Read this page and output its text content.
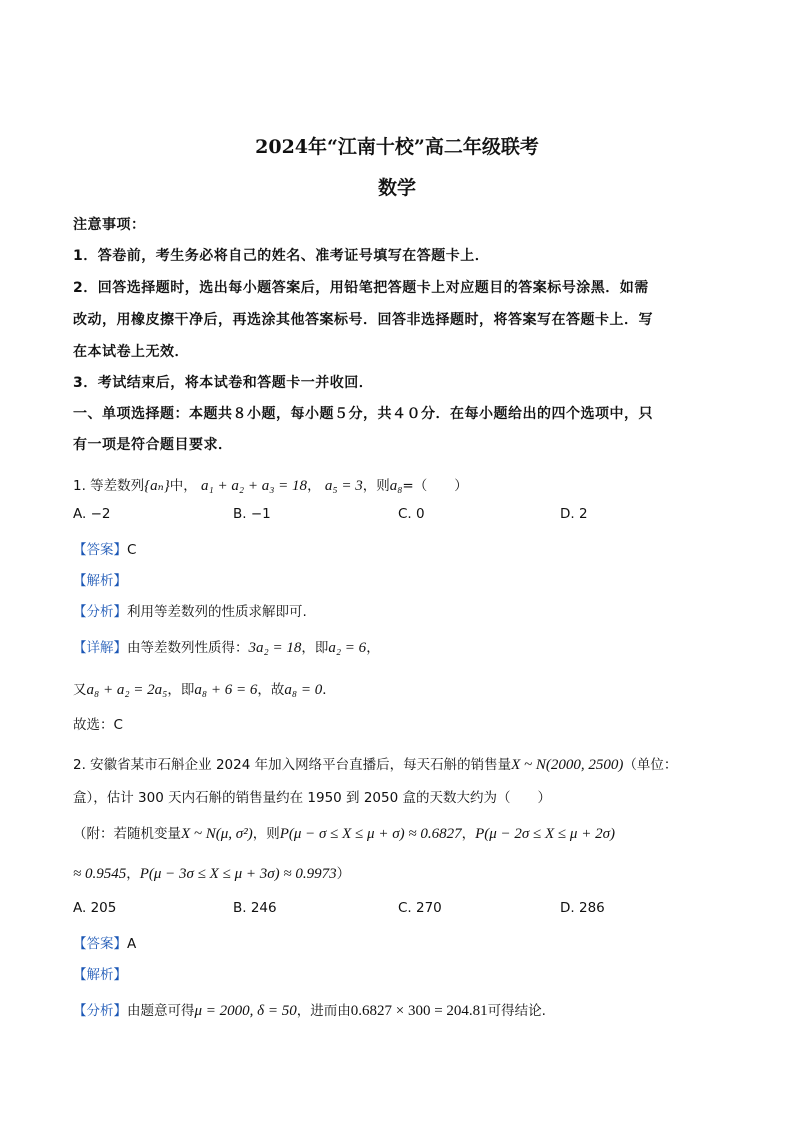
2024年“江南十校”高二年级联考
数学
注意事项：
1．答卷前，考生务必将自己的姓名、准考证号填写在答题卡上．
2．回答选择题时，选出每小题答案后，用铅笔把答题卡上对应题目的答案标号涂黑．如需
改动，用橡皮擦干净后，再选涂其他答案标号．回答非选择题时，将答案写在答题卡上．写
在本试卷上无效．
3．考试结束后，将本试卷和答题卡一并收回．
一、单项选择题：本题共８小题，每小题５分，共４０分．在每小题给出的四个选项中，只
有一项是符合题目要求．
1. 等差数列{aₙ}中， a₁ + a₂ + a₃ = 18， a₅ = 3，则a₈=（　　）
A. −2	B. −1	C. 0	D. 2
【答案】C
【解析】
【分析】利用等差数列的性质求解即可.
【详解】由等差数列性质得：3a₂ = 18，即a₂ = 6，
又a₈ + a₂ = 2a₅，即a₈ + 6 = 6，故a₈ = 0．
故选：C
2. 安徽省某市石斛企业 2024 年加入网络平台直播后，每天石斛的销售量X ~ N(2000, 2500)（单位：
盒），估计 300 天内石斛的销售量约在 1950 到 2050 盒的天数大约为（　　）
（附：若随机变量X ~ N(μ, σ²)，则P(μ − σ ≤ X ≤ μ + σ) ≈ 0.6827，P(μ − 2σ ≤ X ≤ μ + 2σ)
≈ 0.9545，P(μ − 3σ ≤ X ≤ μ + 3σ) ≈ 0.9973）
A. 205	B. 246	C. 270	D. 286
【答案】A
【解析】
【分析】由题意可得μ = 2000, δ = 50，进而由0.6827 × 300 = 204.81可得结论.
